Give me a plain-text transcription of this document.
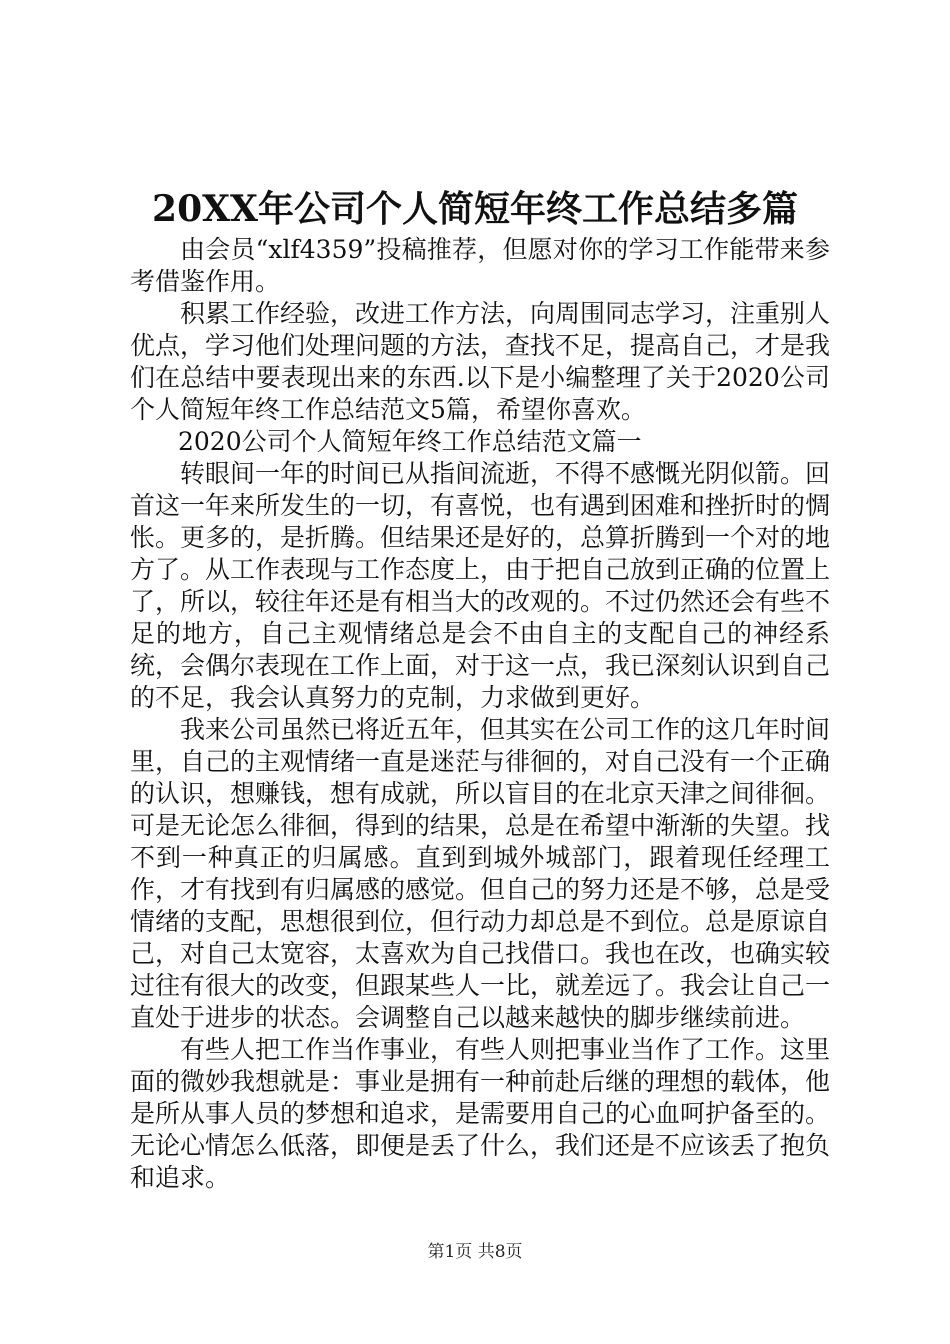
20XX年公司个人简短年终工作总结多篇

由会员“xlf4359”投稿推荐，但愿对你的学习工作能带来参考借鉴作用。

积累工作经验，改进工作方法，向周围同志学习，注重别人优点，学习他们处理问题的方法，查找不足，提高自己，才是我们在总结中要表现出来的东西.以下是小编整理了关于2020公司个人简短年终工作总结范文5篇，希望你喜欢。

2020公司个人简短年终工作总结范文篇一

转眼间一年的时间已从指间流逝，不得不感慨光阴似箭。回首这一年来所发生的一切，有喜悦，也有遇到困难和挫折时的惆怅。更多的，是折腾。但结果还是好的，总算折腾到一个对的地方了。从工作表现与工作态度上，由于把自己放到正确的位置上了，所以，较往年还是有相当大的改观的。不过仍然还会有些不足的地方，自己主观情绪总是会不由自主的支配自己的神经系统，会偶尔表现在工作上面，对于这一点，我已深刻认识到自己的不足，我会认真努力的克制，力求做到更好。

我来公司虽然已将近五年，但其实在公司工作的这几年时间里，自己的主观情绪一直是迷茫与徘徊的，对自己没有一个正确的认识，想赚钱，想有成就，所以盲目的在北京天津之间徘徊。可是无论怎么徘徊，得到的结果，总是在希望中渐渐的失望。找不到一种真正的归属感。直到到城外城部门，跟着现任经理工作，才有找到有归属感的感觉。但自己的努力还是不够，总是受情绪的支配，思想很到位，但行动力却总是不到位。总是原谅自己，对自己太宽容，太喜欢为自己找借口。我也在改，也确实较过往有很大的改变，但跟某些人一比，就差远了。我会让自己一直处于进步的状态。会调整自己以越来越快的脚步继续前进。

有些人把工作当作事业，有些人则把事业当作了工作。这里面的微妙我想就是：事业是拥有一种前赴后继的理想的载体，他是所从事人员的梦想和追求，是需要用自己的心血呵护备至的。无论心情怎么低落，即便是丢了什么，我们还是不应该丢了抱负和追求。

第1页 共8页
